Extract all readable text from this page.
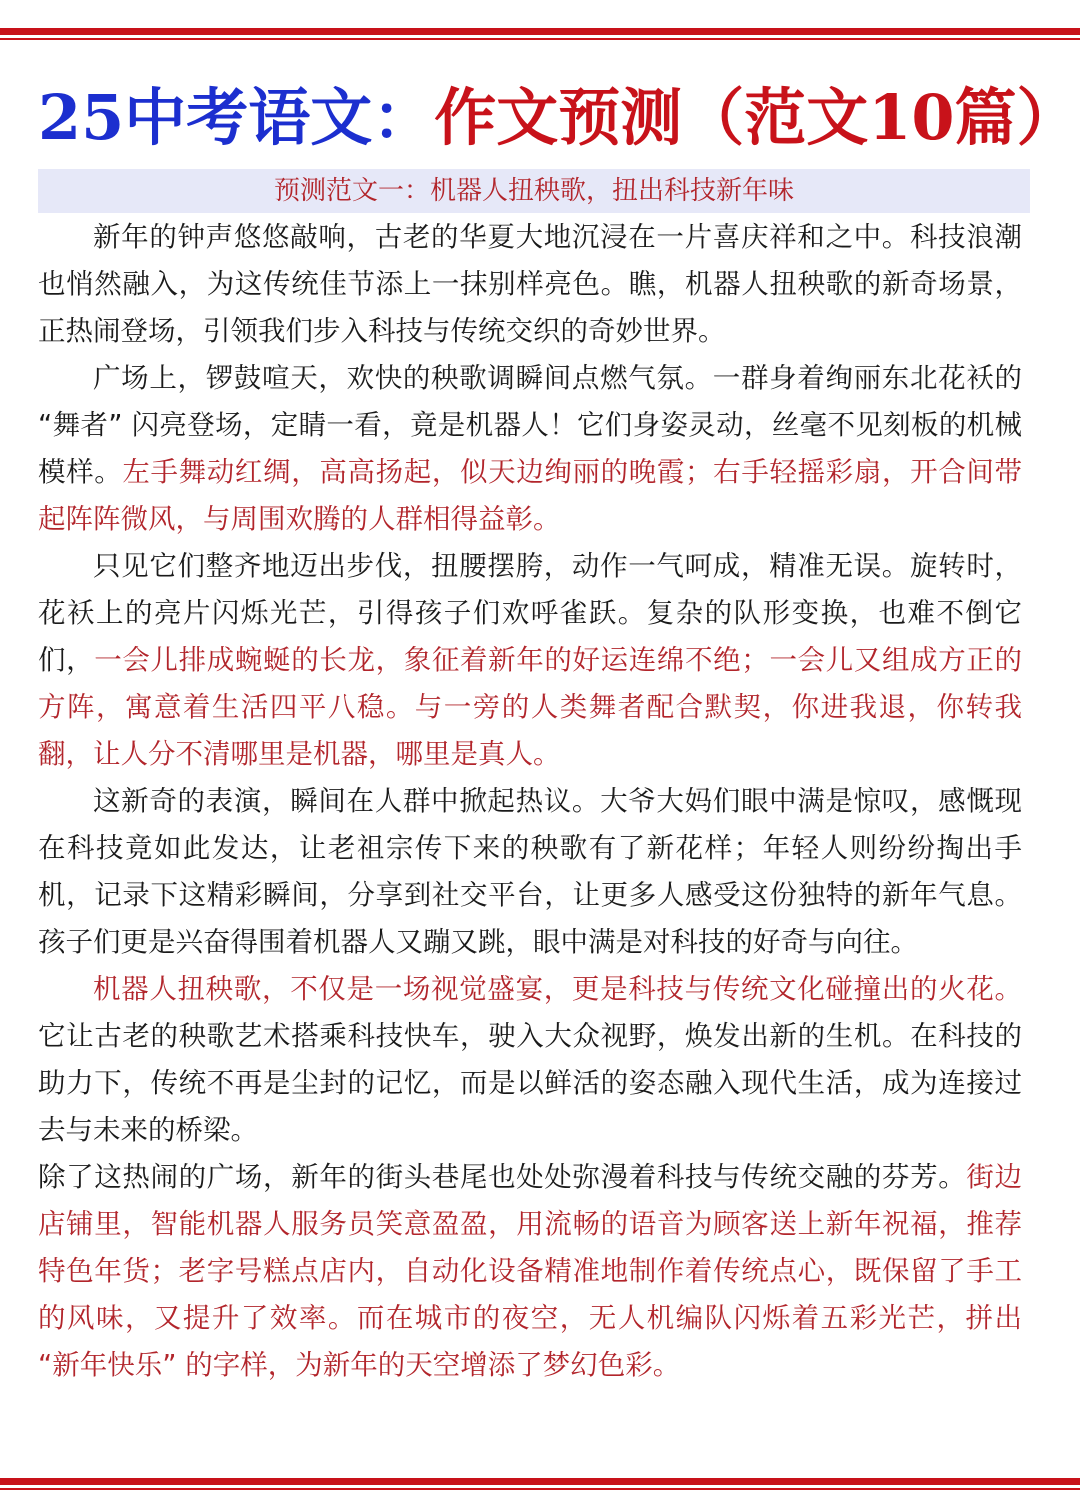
25中考语文：作文预测（范文10篇）
预测范文一：机器人扭秧歌，扭出科技新年味

新年的钟声悠悠敲响，古老的华夏大地沉浸在一片喜庆祥和之中。科技浪潮也悄然融入，为这传统佳节添上一抹别样亮色。瞧，机器人扭秧歌的新奇场景，正热闹登场，引领我们步入科技与传统交织的奇妙世界。

广场上，锣鼓喧天，欢快的秧歌调瞬间点燃气氛。一群身着绚丽东北花袄的 “舞者” 闪亮登场，定睛一看，竟是机器人！它们身姿灵动，丝毫不见刻板的机械模样。左手舞动红绸，高高扬起，似天边绚丽的晚霞；右手轻摇彩扇，开合间带起阵阵微风，与周围欢腾的人群相得益彰。

只见它们整齐地迈出步伐，扭腰摆胯，动作一气呵成，精准无误。旋转时，花袄上的亮片闪烁光芒，引得孩子们欢呼雀跃。复杂的队形变换，也难不倒它们，一会儿排成蜿蜒的长龙，象征着新年的好运连绵不绝；一会儿又组成方正的方阵，寓意着生活四平八稳。与一旁的人类舞者配合默契，你进我退，你转我翻，让人分不清哪里是机器，哪里是真人。

这新奇的表演，瞬间在人群中掀起热议。大爷大妈们眼中满是惊叹，感慨现在科技竟如此发达，让老祖宗传下来的秧歌有了新花样；年轻人则纷纷掏出手机，记录下这精彩瞬间，分享到社交平台，让更多人感受这份独特的新年气息。孩子们更是兴奋得围着机器人又蹦又跳，眼中满是对科技的好奇与向往。

机器人扭秧歌，不仅是一场视觉盛宴，更是科技与传统文化碰撞出的火花。它让古老的秧歌艺术搭乘科技快车，驶入大众视野，焕发出新的生机。在科技的助力下，传统不再是尘封的记忆，而是以鲜活的姿态融入现代生活，成为连接过去与未来的桥梁。

除了这热闹的广场，新年的街头巷尾也处处弥漫着科技与传统交融的芬芳。街边店铺里，智能机器人服务员笑意盈盈，用流畅的语音为顾客送上新年祝福，推荐特色年货；老字号糕点店内，自动化设备精准地制作着传统点心，既保留了手工的风味，又提升了效率。而在城市的夜空，无人机编队闪烁着五彩光芒，拼出 “新年快乐” 的字样，为新年的天空增添了梦幻色彩。
